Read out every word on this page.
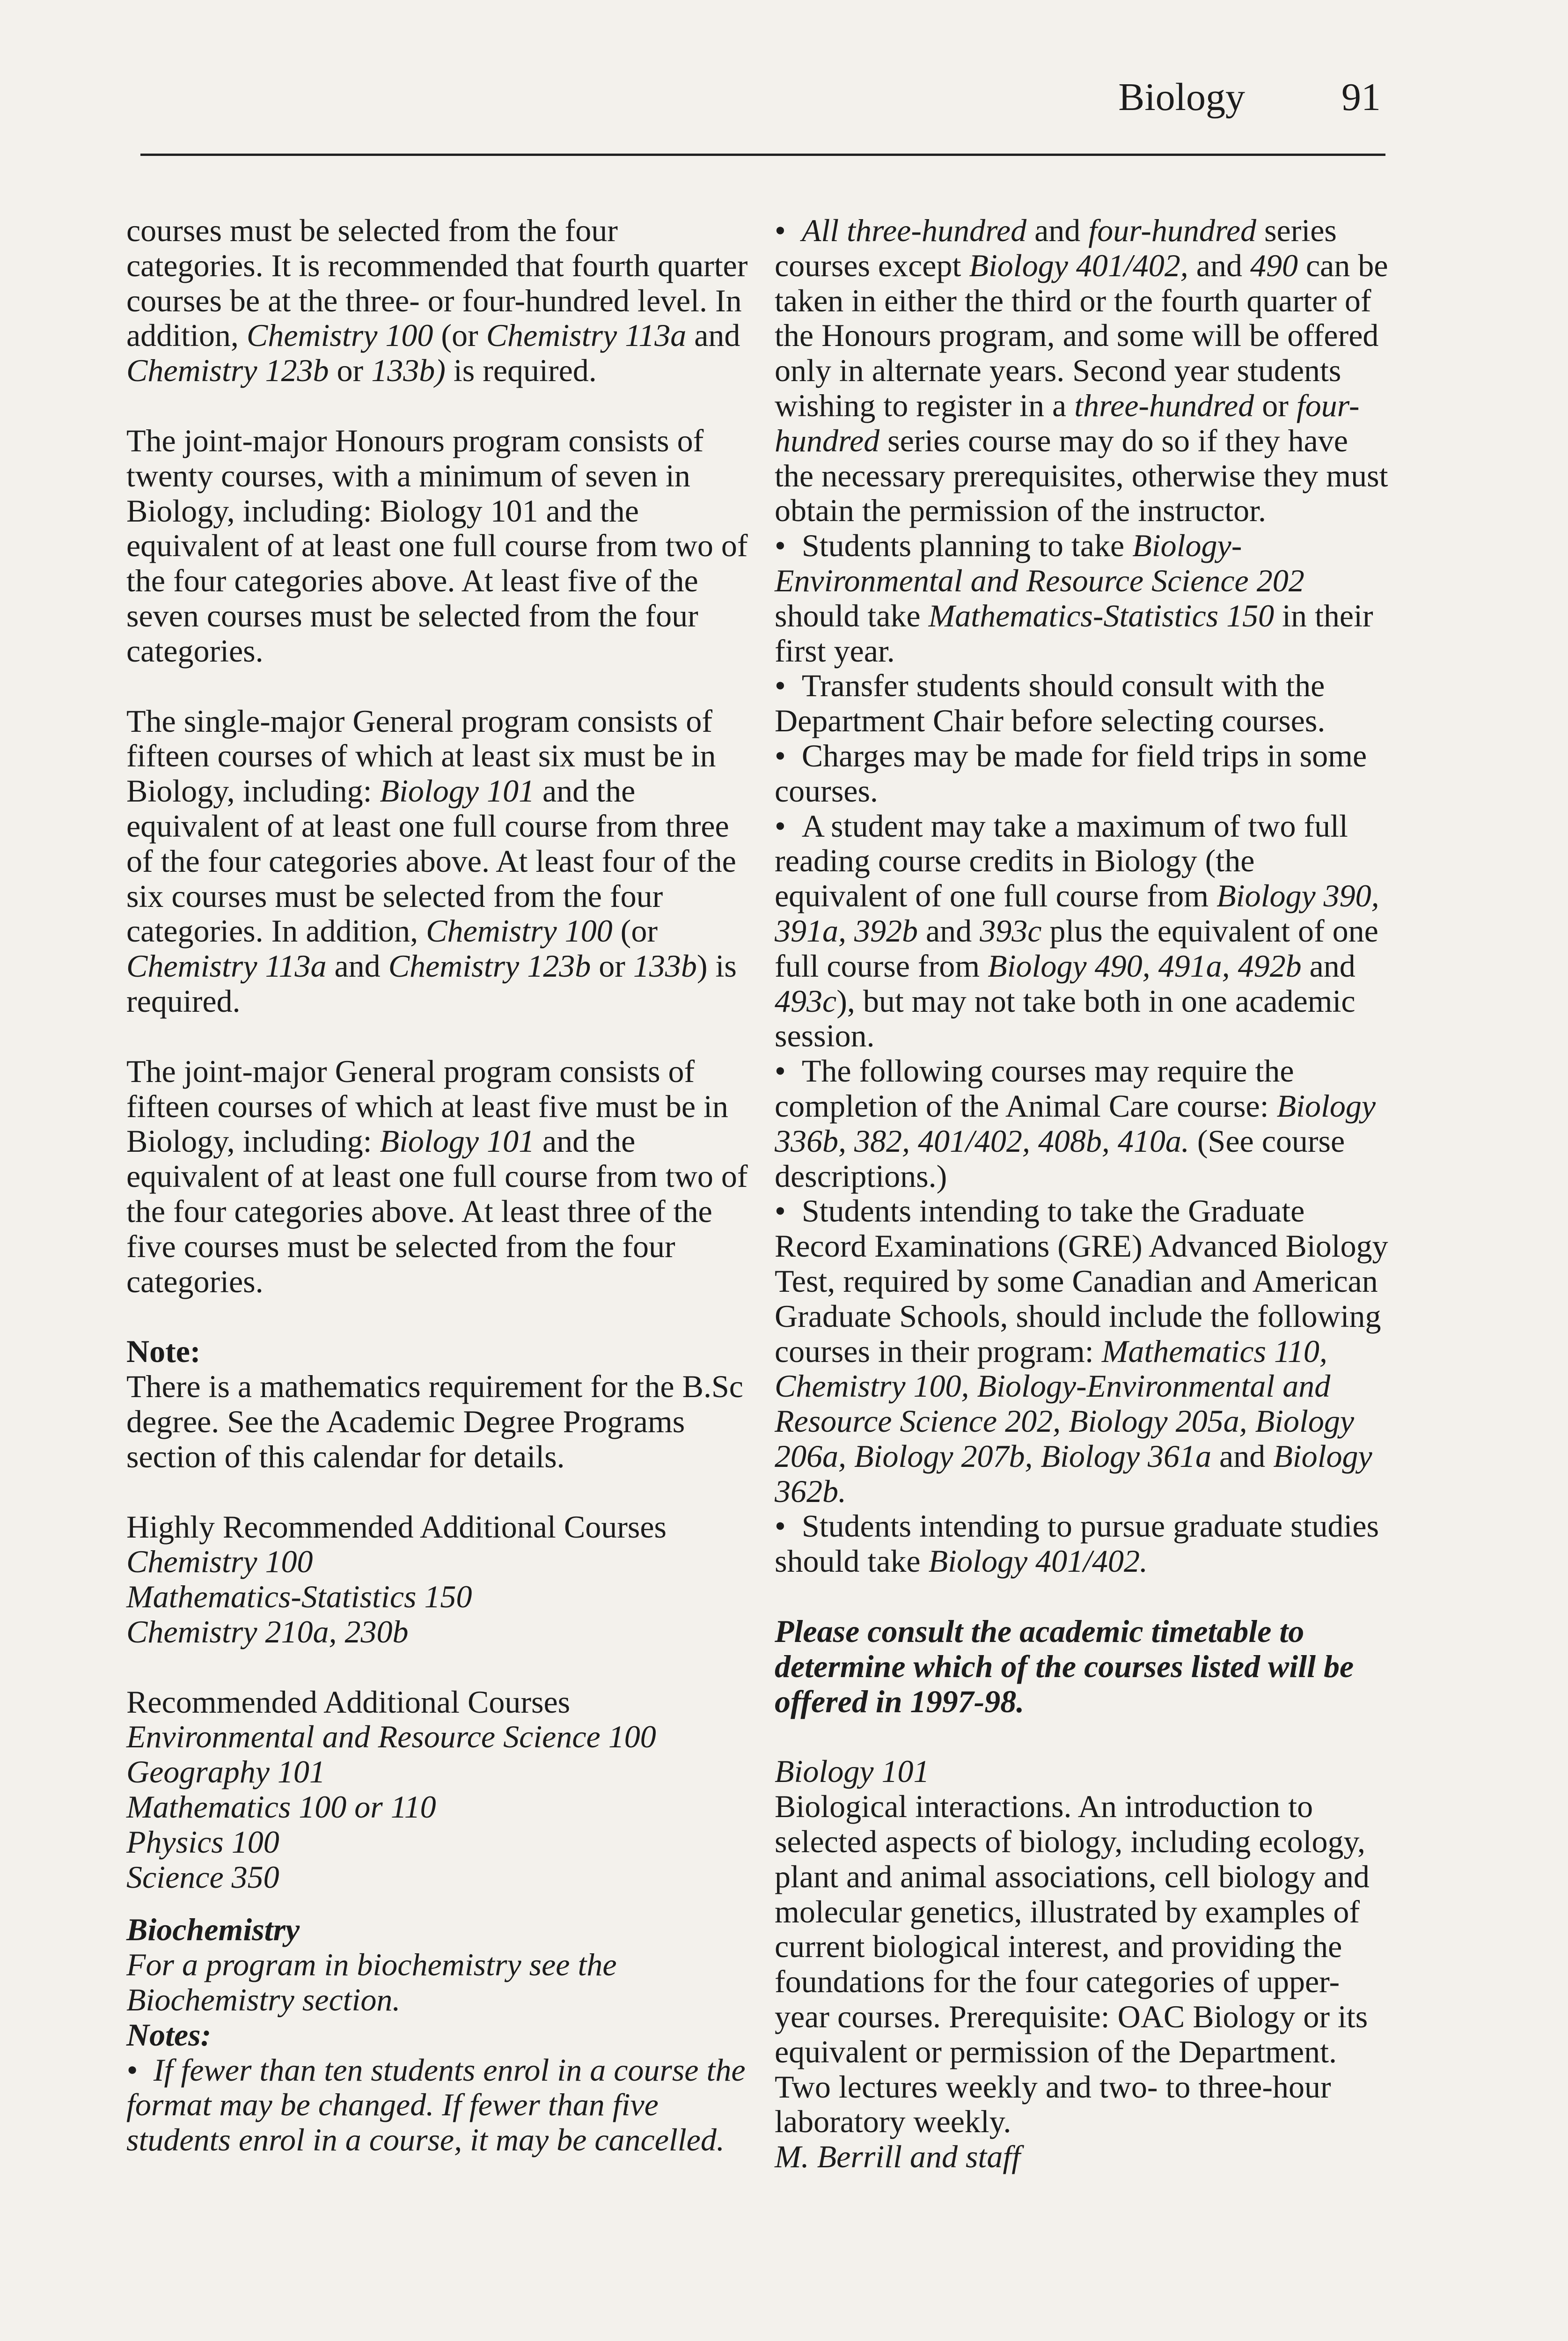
Biology 91

courses must be selected from the four categories. It is recommended that fourth quarter courses be at the three- or four-hundred level. In addition, Chemistry 100 (or Chemistry 113a and Chemistry 123b or 133b) is required.

The joint-major Honours program consists of twenty courses, with a minimum of seven in Biology, including: Biology 101 and the equivalent of at least one full course from two of the four categories above. At least five of the seven courses must be selected from the four categories.

The single-major General program consists of fifteen courses of which at least six must be in Biology, including: Biology 101 and the equivalent of at least one full course from three of the four categories above. At least four of the six courses must be selected from the four categories. In addition, Chemistry 100 (or Chemistry 113a and Chemistry 123b or 133b) is required.

The joint-major General program consists of fifteen courses of which at least five must be in Biology, including: Biology 101 and the equivalent of at least one full course from two of the four categories above. At least three of the five courses must be selected from the four categories.

Note:

There is a mathematics requirement for the B.Sc degree. See the Academic Degree Programs section of this calendar for details.

Highly Recommended Additional Courses

Chemistry 100

Mathematics-Statistics 150

Chemistry 210a, 230b

Recommended Additional Courses

Environmental and Resource Science 100

Geography 101

Mathematics 100 or 110

Physics 100

Science 350

Biochemistry

For a program in biochemistry see the Biochemistry section.

Notes:

•  If fewer than ten students enrol in a course the format may be changed. If fewer than five students enrol in a course, it may be cancelled.

•  All three-hundred and four-hundred series courses except Biology 401/402, and 490 can be taken in either the third or the fourth quarter of the Honours program, and some will be offered only in alternate years. Second year students wishing to register in a three-hundred or four-hundred series course may do so if they have the necessary prerequisites, otherwise they must obtain the permission of the instructor.

•  Students planning to take Biology-Environmental and Resource Science 202 should take Mathematics-Statistics 150 in their first year.

•  Transfer students should consult with the Department Chair before selecting courses.

•  Charges may be made for field trips in some courses.

•  A student may take a maximum of two full reading course credits in Biology (the equivalent of one full course from Biology 390, 391a, 392b and 393c plus the equivalent of one full course from Biology 490, 491a, 492b and 493c), but may not take both in one academic session.

•  The following courses may require the completion of the Animal Care course: Biology 336b, 382, 401/402, 408b, 410a. (See course descriptions.)

•  Students intending to take the Graduate Record Examinations (GRE) Advanced Biology Test, required by some Canadian and American Graduate Schools, should include the following courses in their program: Mathematics 110, Chemistry 100, Biology-Environmental and Resource Science 202, Biology 205a, Biology 206a, Biology 207b, Biology 361a and Biology 362b.

•  Students intending to pursue graduate studies should take Biology 401/402.

Please consult the academic timetable to determine which of the courses listed will be offered in 1997-98.

Biology 101

Biological interactions. An introduction to selected aspects of biology, including ecology, plant and animal associations, cell biology and molecular genetics, illustrated by examples of current biological interest, and providing the foundations for the four categories of upper-year courses. Prerequisite: OAC Biology or its equivalent or permission of the Department. Two lectures weekly and two- to three-hour laboratory weekly.

M. Berrill and staff
